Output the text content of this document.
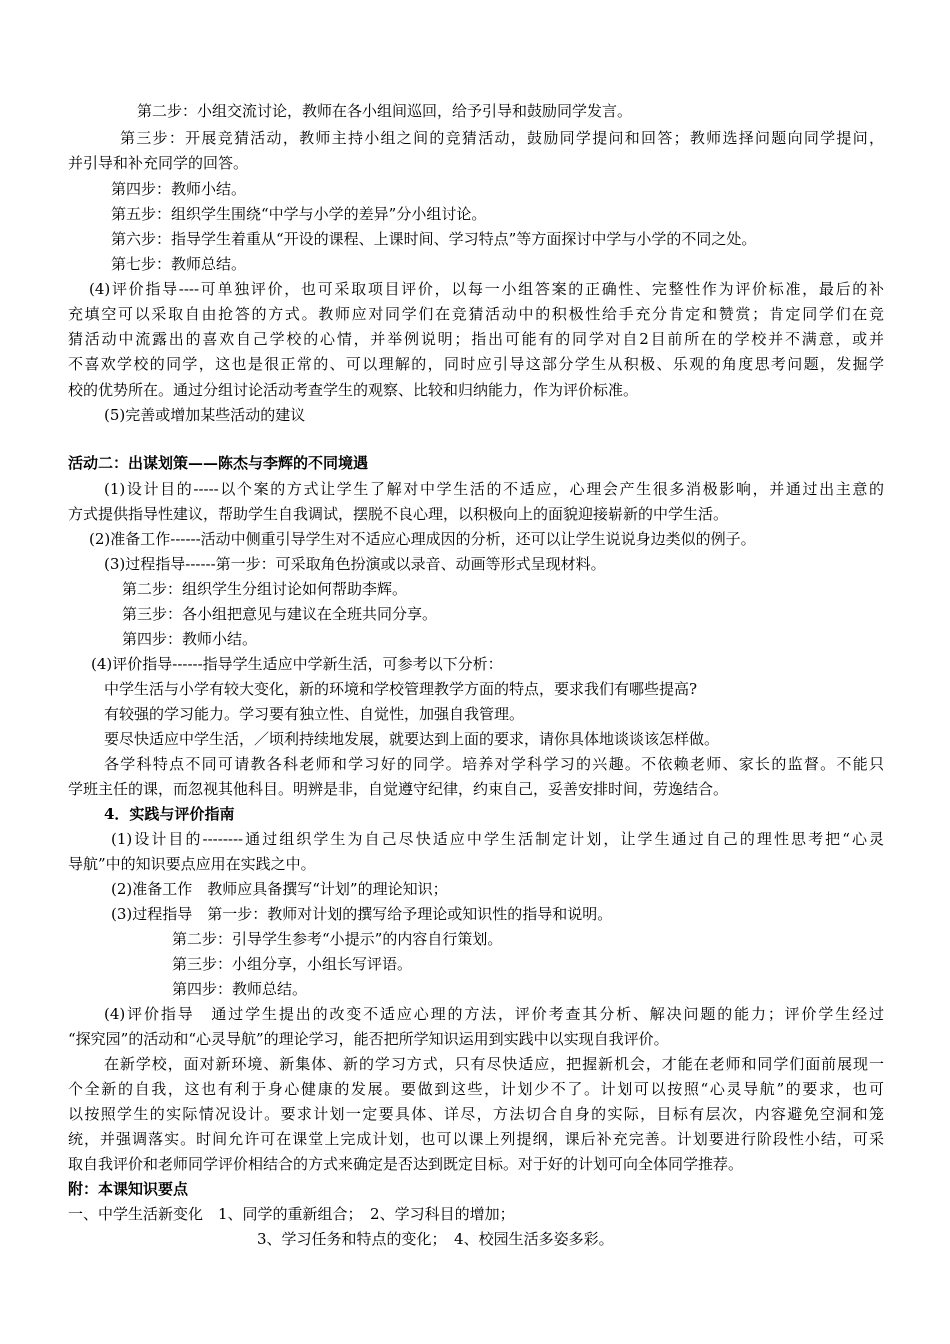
第二步：小组交流讨论，教师在各小组间巡回，给予引导和鼓励同学发言。
第三步：开展竞猜活动，教师主持小组之间的竞猜活动，鼓励同学提问和回答；教师选择问题向同学提问，
并引导和补充同学的回答。
第四步：教师小结。
第五步：组织学生围绕“中学与小学的差异”分小组讨论。
第六步：指导学生着重从“开设的课程、上课时间、学习特点”等方面探讨中学与小学的不同之处。
第七步：教师总结。
(4)评价指导----可单独评价，也可采取项目评价，以每一小组答案的正确性、完整性作为评价标准，最后的补
充填空可以采取自由抢答的方式。教师应对同学们在竞猜活动中的积极性给手充分肯定和赞赏；肯定同学们在竞
猜活动中流露出的喜欢自己学校的心情，并举例说明；指出可能有的同学对自2目前所在的学校并不满意，或并
不喜欢学校的同学，这也是很正常的、可以理解的，同时应引导这部分学生从积极、乐观的角度思考问题，发掘学
校的优势所在。通过分组讨论活动考查学生的观察、比较和归纳能力，作为评价标准。
(5)完善或增加某些活动的建议
活动二：出谋划策——陈杰与李辉的不同境遇
(1)设计目的-----以个案的方式让学生了解对中学生活的不适应，心理会产生很多消极影响，并通过出主意的
方式提供指导性建议，帮助学生自我调试，摆脱不良心理，以积极向上的面貌迎接崭新的中学生活。
(2)准备工作------活动中侧重引导学生对不适应心理成因的分析，还可以让学生说说身边类似的例子。
(3)过程指导------第一步：可采取角色扮演或以录音、动画等形式呈现材料。
第二步：组织学生分组讨论如何帮助李辉。
第三步：各小组把意见与建议在全班共同分享。
第四步：教师小结。
(4)评价指导------指导学生适应中学新生活，可参考以下分析：
中学生活与小学有较大变化，新的环境和学校管理教学方面的特点，要求我们有哪些提高?
有较强的学习能力。学习要有独立性、自觉性，加强自我管理。
要尽快适应中学生活，／顷利持续地发展，就要达到上面的要求，请你具体地谈谈该怎样做。
各学科特点不同可请教各科老师和学习好的同学。培养对学科学习的兴趣。不依赖老师、家长的监督。不能只
学班主任的课，而忽视其他科目。明辨是非，自觉遵守纪律，约束自己，妥善安排时间，劳逸结合。
4．实践与评价指南
(1)设计目的--------通过组织学生为自己尽快适应中学生活制定计划，让学生通过自己的理性思考把“心灵
导航”中的知识要点应用在实践之中。
(2)准备工作　教师应具备撰写“计划”的理论知识；
(3)过程指导　第一步：教师对计划的撰写给予理论或知识性的指导和说明。
第二步：引导学生参考“小提示”的内容自行策划。
第三步：小组分享，小组长写评语。
第四步：教师总结。
(4)评价指导　通过学生提出的改变不适应心理的方法，评价考查其分析、解决问题的能力；评价学生经过
“探究园”的活动和“心灵导航”的理论学习，能否把所学知识运用到实践中以实现自我评价。
在新学校，面对新环境、新集体、新的学习方式，只有尽快适应，把握新机会，才能在老师和同学们面前展现一
个全新的自我，这也有利于身心健康的发展。要做到这些，计划少不了。计划可以按照“心灵导航”的要求，也可
以按照学生的实际情况设计。要求计划一定要具体、详尽，方法切合自身的实际，目标有层次，内容避免空洞和笼
统，并强调落实。时间允许可在课堂上完成计划，也可以课上列提纲，课后补充完善。计划要进行阶段性小结，可采
取自我评价和老师同学评价相结合的方式来确定是否达到既定目标。对于好的计划可向全体同学推荐。
附：本课知识要点
一、中学生活新变化　1、同学的重新组合；　2、学习科目的增加；
3、学习任务和特点的变化；　4、校园生活多姿多彩。
